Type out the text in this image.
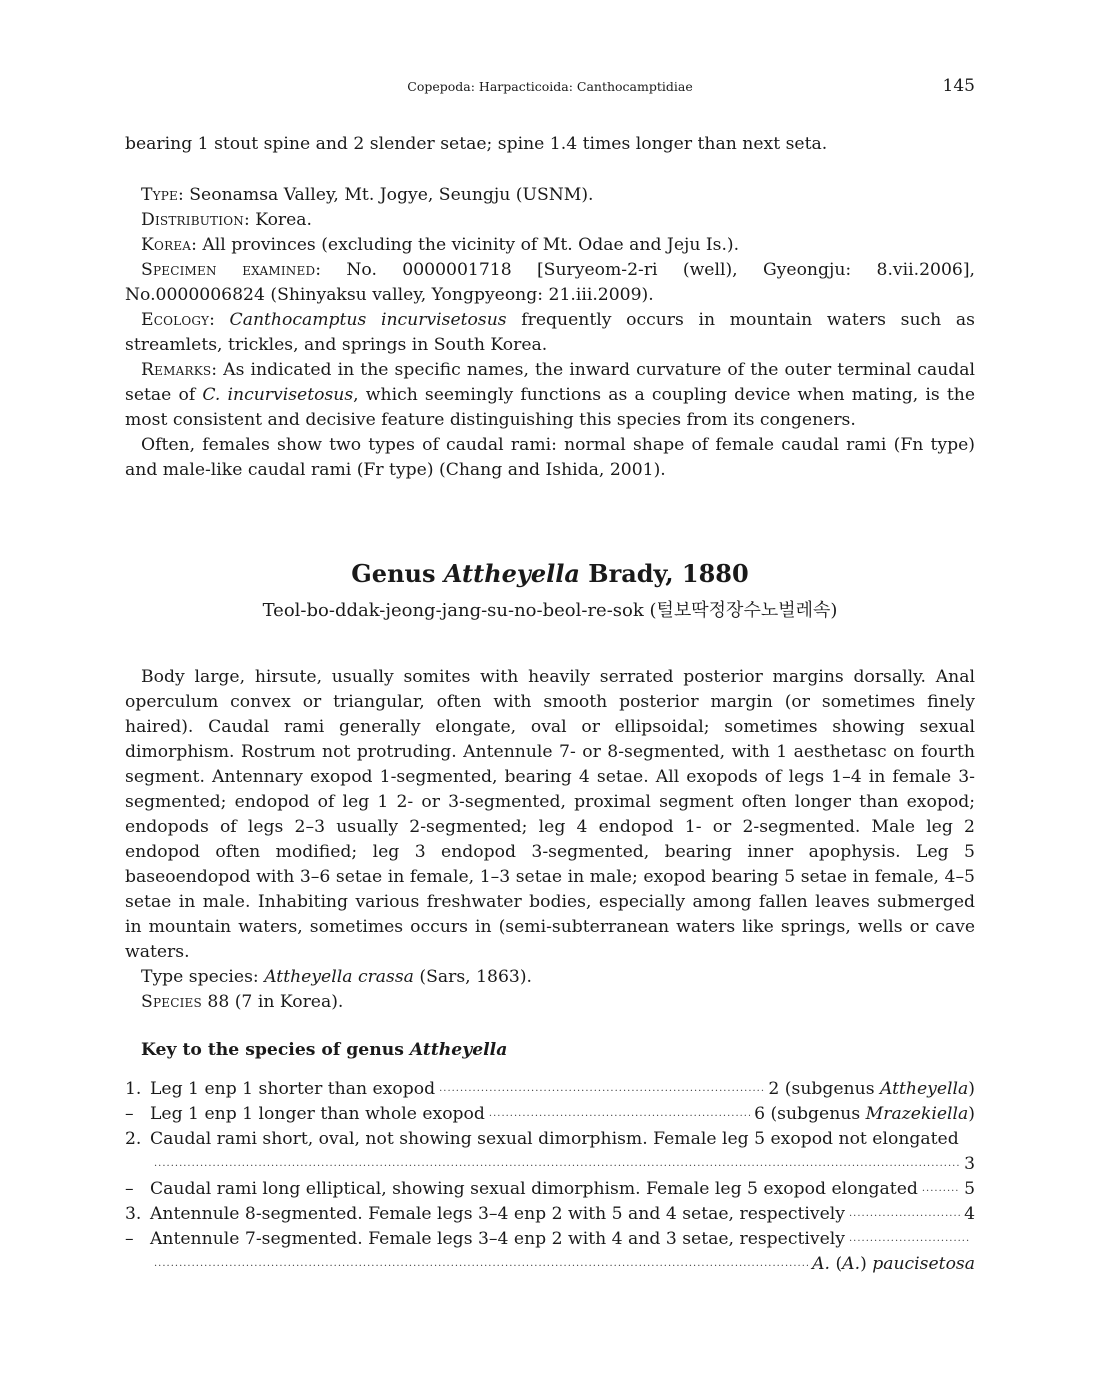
Copepoda: Harpacticoida: Canthocamptidiae	145
bearing 1 stout spine and 2 slender setae; spine 1.4 times longer than next seta.

Type: Seonamsa Valley, Mt. Jogye, Seungju (USNM).

Distribution: Korea.

Korea: All provinces (excluding the vicinity of Mt. Odae and Jeju Is.).

Specimen examined: No. 0000001718 [Suryeom-2-ri (well), Gyeongju: 8.vii.2006], No.0000006824 (Shinyaksu valley, Yongpyeong: 21.iii.2009).

Ecology: Canthocamptus incurvisetosus frequently occurs in mountain waters such as streamlets, trickles, and springs in South Korea.

Remarks: As indicated in the specific names, the inward curvature of the outer terminal caudal setae of C. incurvisetosus, which seemingly functions as a coupling device when mating, is the most consistent and decisive feature distinguishing this species from its congeners.

Often, females show two types of caudal rami: normal shape of female caudal rami (Fn type) and male-like caudal rami (Fr type) (Chang and Ishida, 2001).

Genus Attheyella Brady, 1880
Teol-bo-ddak-jeong-jang-su-no-beol-re-sok (털보딱정장수노벌레속)

Body large, hirsute, usually somites with heavily serrated posterior margins dorsally. Anal operculum convex or triangular, often with smooth posterior margin (or sometimes finely haired). Caudal rami generally elongate, oval or ellipsoidal; sometimes showing sexual dimorphism. Rostrum not protruding. Antennule 7- or 8-segmented, with 1 aesthetasc on fourth segment. Antennary exopod 1-segmented, bearing 4 setae. All exopods of legs 1–4 in female 3-segmented; endopod of leg 1 2- or 3-segmented, proximal segment often longer than exopod; endopods of legs 2–3 usually 2-segmented; leg 4 endopod 1- or 2-segmented. Male leg 2 endopod often modified; leg 3 endopod 3-segmented, bearing inner apophysis. Leg 5 baseoendopod with 3–6 setae in female, 1–3 setae in male; exopod bearing 5 setae in female, 4–5 setae in male. Inhabiting various freshwater bodies, especially among fallen leaves submerged in mountain waters, sometimes occurs in (semi-subterranean waters like springs, wells or cave waters.

Type species: Attheyella crassa (Sars, 1863).

Species 88 (7 in Korea).

Key to the species of genus Attheyella

1. Leg 1 enp 1 shorter than exopod ·····	2 (subgenus Attheyella)
– Leg 1 enp 1 longer than whole exopod ·····	6 (subgenus Mrazekiella)
2. Caudal rami short, oval, not showing sexual dimorphism. Female leg 5 exopod not elongated
·····
3
– Caudal rami long elliptical, showing sexual dimorphism. Female leg 5 exopod elongated ·····	5
3. Antennule 8-segmented. Female legs 3–4 enp 2 with 5 and 4 setae, respectively ·····	4
– Antennule 7-segmented. Female legs 3–4 enp 2 with 4 and 3 setae, respectively
·····
·····
A. (A.) paucisetosa
